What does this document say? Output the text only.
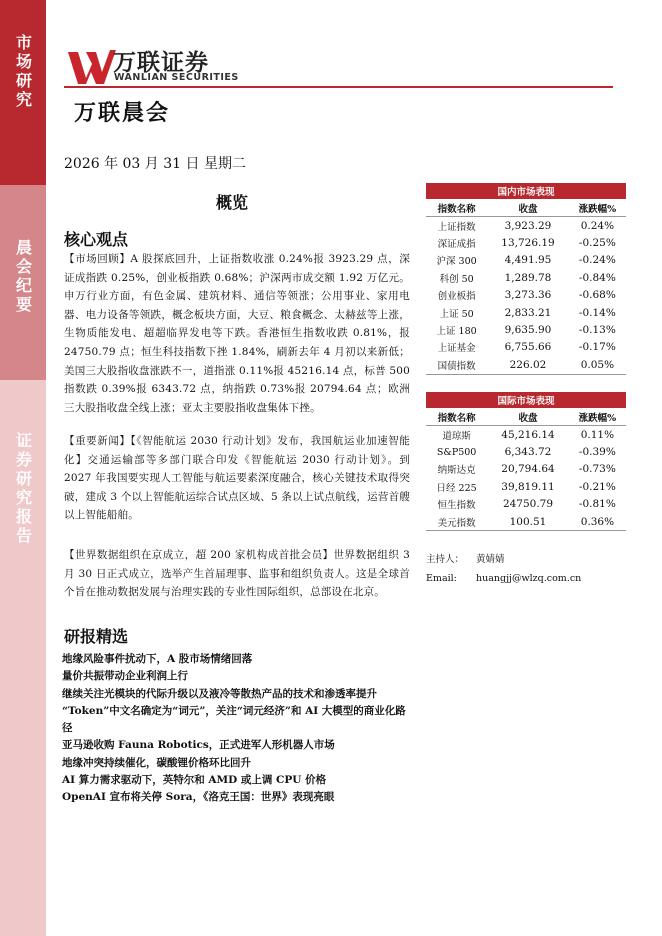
市场研究
晨会纪要
证券研究报告
万联证券
WANLIAN SECURITIES
万联晨会
2026 年 03 月 31 日 星期二
概览
核心观点
【市场回顾】A 股探底回升，上证指数收涨 0.24%报 3923.29 点，深证成指跌 0.25%，创业板指跌 0.68%；沪深两市成交额 1.92 万亿元。申万行业方面，有色金属、建筑材料、通信等领涨；公用事业、家用电器、电力设备等领跌，概念板块方面，大豆、粮食概念、太赫兹等上涨，生物质能发电、超超临界发电等下跌。香港恒生指数收跌 0.81%，报 24750.79 点；恒生科技指数下挫 1.84%，刷新去年 4 月初以来新低；美国三大股指收盘涨跌不一，道指涨 0.11%报 45216.14 点，标普 500 指数跌 0.39%报 6343.72 点，纳指跌 0.73%报 20794.64 点；欧洲三大股指收盘全线上涨；亚太主要股指收盘集体下挫。
【重要新闻】【《智能航运 2030 行动计划》发布，我国航运业加速智能化】交通运输部等多部门联合印发《智能航运 2030 行动计划》。到 2027 年我国要实现人工智能与航运要素深度融合，核心关键技术取得突破，建成 3 个以上智能航运综合试点区域、5 条以上试点航线，运营首艘以上智能船舶。
【世界数据组织在京成立，超 200 家机构成首批会员】世界数据组织 3 月 30 日正式成立，选举产生首届理事、监事和组织负责人。这是全球首个旨在推动数据发展与治理实践的专业性国际组织，总部设在北京。
研报精选
地缘风险事件扰动下，A 股市场情绪回落
量价共振带动企业利润上行
继续关注光模块的代际升级以及液冷等散热产品的技术和渗透率提升
“Token”中文名确定为“词元”，关注“词元经济”和 AI 大模型的商业化路径
亚马逊收购 Fauna Robotics，正式进军人形机器人市场
地缘冲突持续催化，碳酸锂价格环比回升
AI 算力需求驱动下，英特尔和 AMD 或上调 CPU 价格
OpenAI 宣布将关停 Sora，《洛克王国：世界》表现亮眼
国内市场表现		
指数名称	收盘	涨跌幅%
上证指数	3,923.29	0.24%
深证成指	13,726.19	-0.25%
沪深 300	4,491.95	-0.24%
科创 50	1,289.78	-0.84%
创业板指	3,273.36	-0.68%
上证 50	2,833.21	-0.14%
上证 180	9,635.90	-0.13%
上证基金	6,755.66	-0.17%
国债指数	226.02	0.05%
国际市场表现		
指数名称	收盘	涨跌幅%
道琼斯	45,216.14	0.11%
S&P500	6,343.72	-0.39%
纳斯达克	20,794.64	-0.73%
日经 225	39,819.11	-0.21%
恒生指数	24750.79	-0.81%
美元指数	100.51	0.36%
主持人： 黄婧婧
Email: huangjj@wlzq.com.cn
